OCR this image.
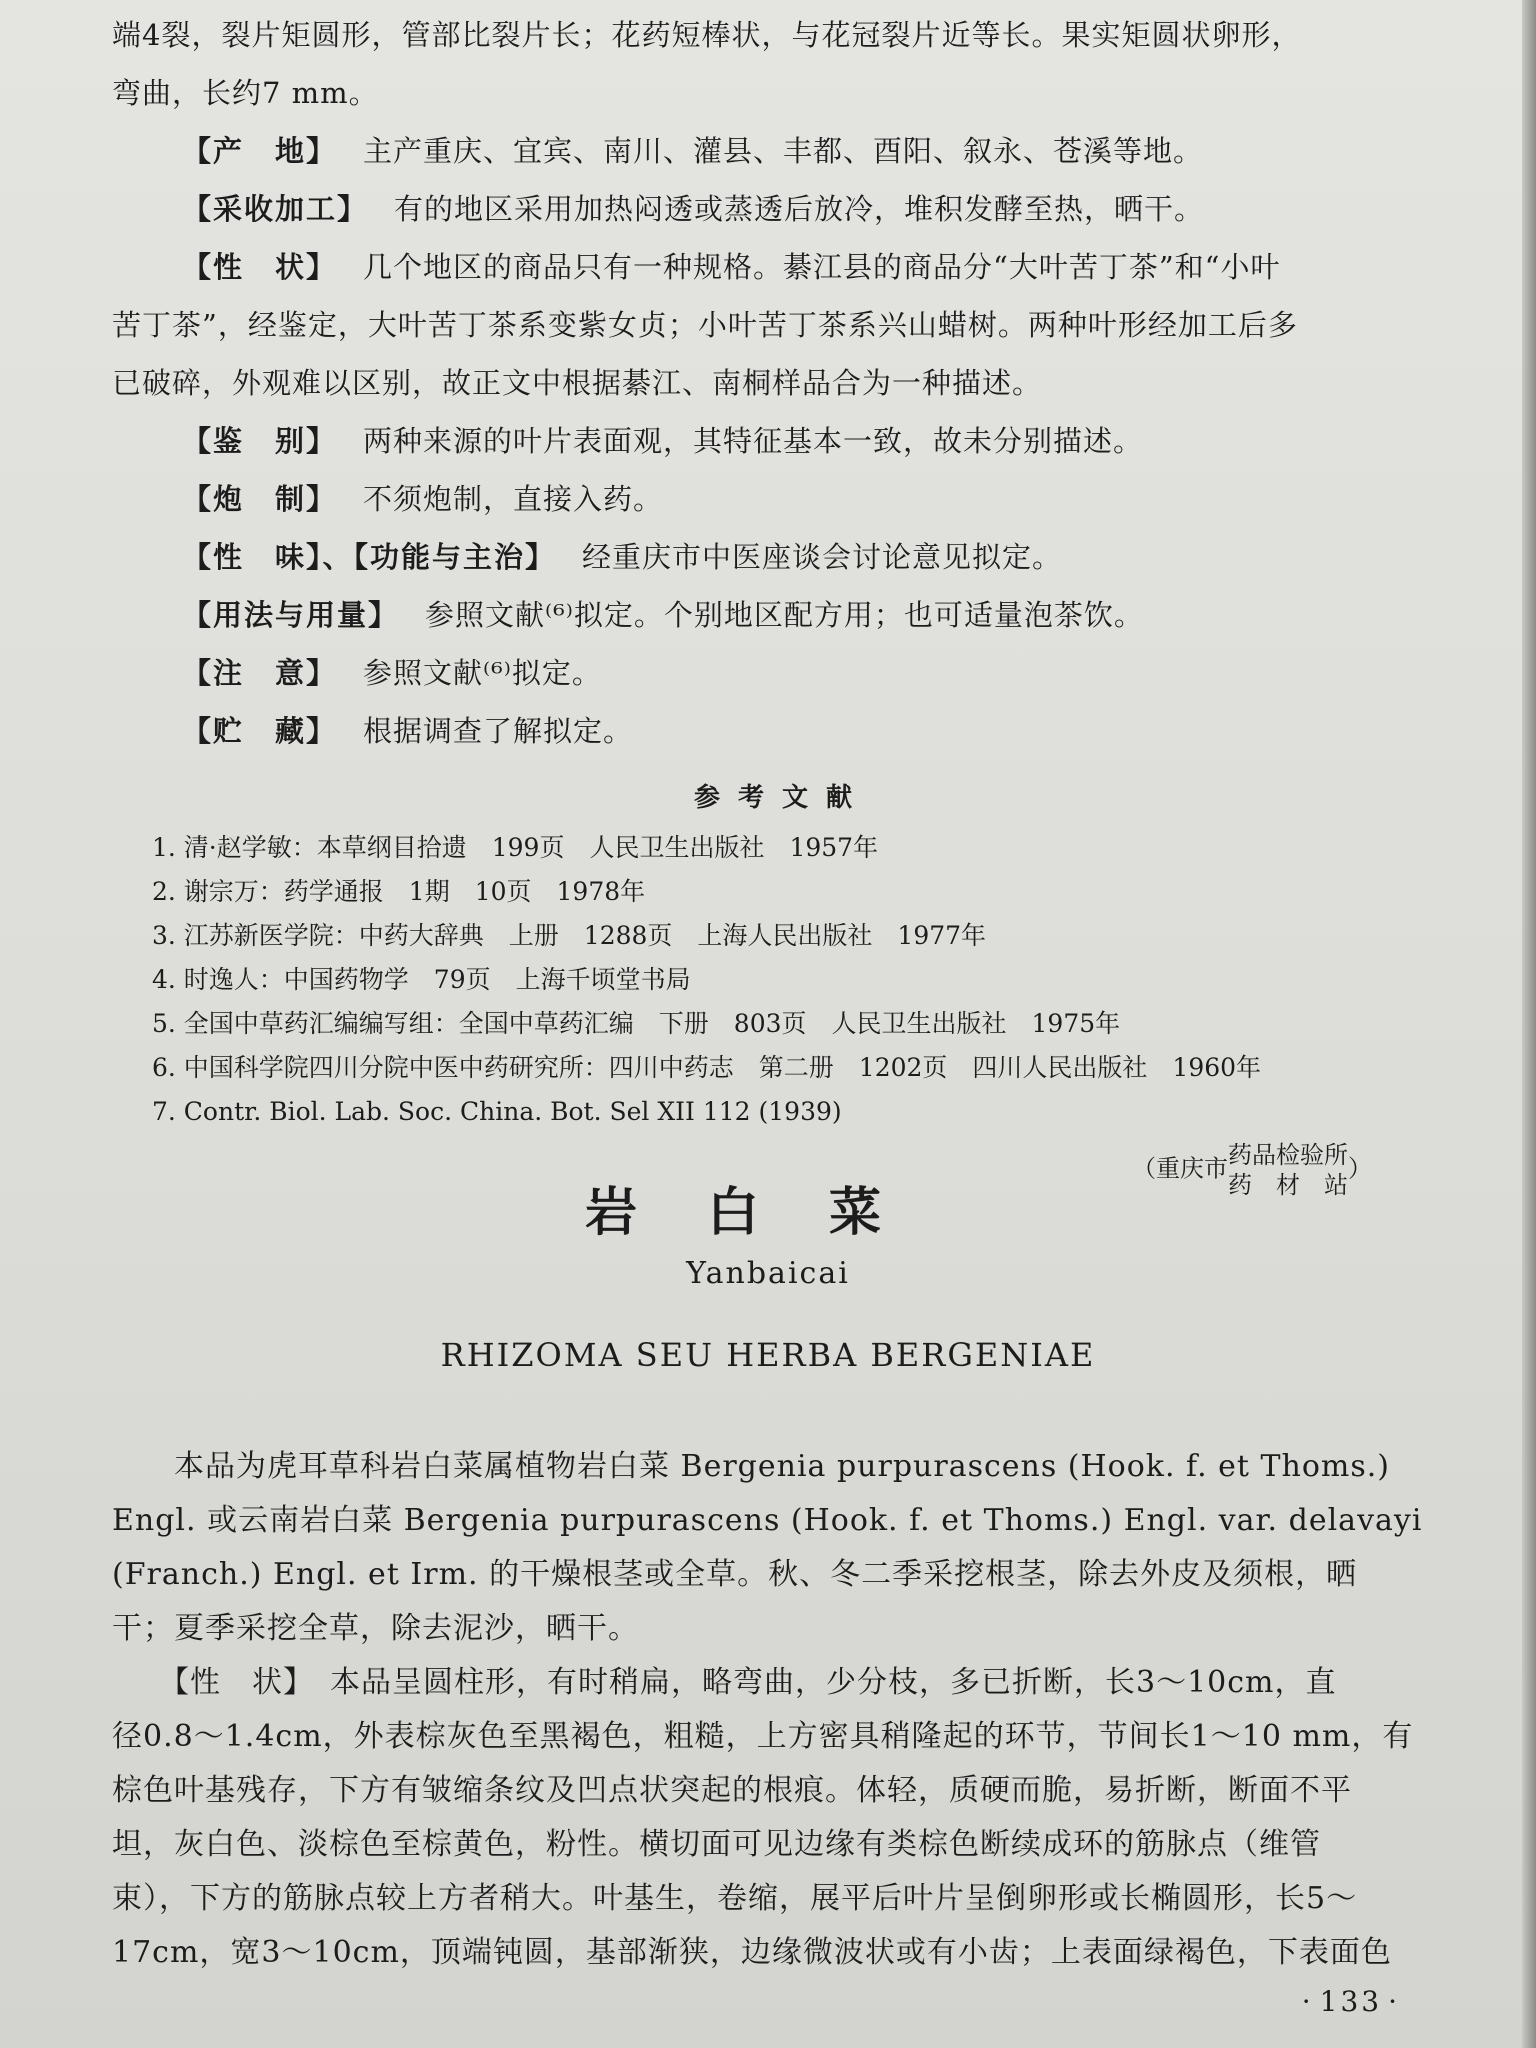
端4裂，裂片矩圆形，管部比裂片长；花药短棒状，与花冠裂片近等长。果实矩圆状卵形，
弯曲，长约7 mm。
【产　地】 主产重庆、宜宾、南川、灌县、丰都、酉阳、叙永、苍溪等地。
【采收加工】 有的地区采用加热闷透或蒸透后放冷，堆积发酵至热，晒干。
【性　状】 几个地区的商品只有一种规格。綦江县的商品分“大叶苦丁茶”和“小叶
苦丁茶”，经鉴定，大叶苦丁茶系变紫女贞；小叶苦丁茶系兴山蜡树。两种叶形经加工后多
已破碎，外观难以区别，故正文中根据綦江、南桐样品合为一种描述。
【鉴　别】 两种来源的叶片表面观，其特征基本一致，故未分别描述。
【炮　制】 不须炮制，直接入药。
【性　味】、【功能与主治】 经重庆市中医座谈会讨论意见拟定。
【用法与用量】 参照文献⁽⁶⁾拟定。个别地区配方用；也可适量泡茶饮。
【注　意】 参照文献⁽⁶⁾拟定。
【贮　藏】 根据调查了解拟定。
参考文献
1. 清·赵学敏：本草纲目拾遗　199页　人民卫生出版社　1957年
2. 谢宗万：药学通报　1期　10页　1978年
3. 江苏新医学院：中药大辞典　上册　1288页　上海人民出版社　1977年
4. 时逸人：中国药物学　79页　上海千顷堂书局
5. 全国中草药汇编编写组：全国中草药汇编　下册　803页　人民卫生出版社　1975年
6. 中国科学院四川分院中医中药研究所：四川中药志　第二册　1202页　四川人民出版社　1960年
7. Contr. Biol. Lab. Soc. China. Bot. Sel XII 112 (1939)
（重庆市 药品检验所
药　材　站
）
岩白菜
Yanbaicai
RHIZOMA SEU HERBA BERGENIAE
　　本品为虎耳草科岩白菜属植物岩白菜 Bergenia purpurascens (Hook. f. et Thoms.)
Engl. 或云南岩白菜 Bergenia purpurascens (Hook. f. et Thoms.) Engl. var. delavayi
(Franch.) Engl. et Irm. 的干燥根茎或全草。秋、冬二季采挖根茎，除去外皮及须根，晒
干；夏季采挖全草，除去泥沙，晒干。
　　【性　状】　本品呈圆柱形，有时稍扁，略弯曲，少分枝，多已折断，长3～10cm，直
径0.8～1.4cm，外表棕灰色至黑褐色，粗糙，上方密具稍隆起的环节，节间长1～10 mm，有
棕色叶基残存，下方有皱缩条纹及凹点状突起的根痕。体轻，质硬而脆，易折断，断面不平
坦，灰白色、淡棕色至棕黄色，粉性。横切面可见边缘有类棕色断续成环的筋脉点（维管
束），下方的筋脉点较上方者稍大。叶基生，卷缩，展平后叶片呈倒卵形或长椭圆形，长5～
17cm，宽3～10cm，顶端钝圆，基部渐狭，边缘微波状或有小齿；上表面绿褐色，下表面色
· 133 ·
